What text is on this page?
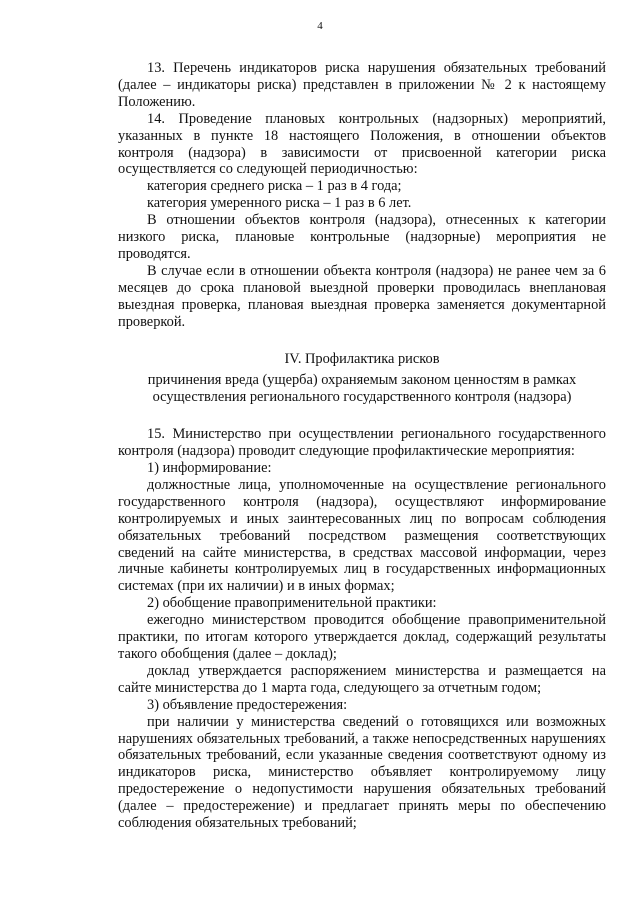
4

13. Перечень индикаторов риска нарушения обязательных требований (далее – индикаторы риска) представлен в приложении № 2 к настоящему Положению.

14. Проведение плановых контрольных (надзорных) мероприятий, указанных в пункте 18 настоящего Положения, в отношении объектов контроля (надзора) в зависимости от присвоенной категории риска осуществляется со следующей периодичностью:

категория среднего риска – 1 раз в 4 года;

категория умеренного риска – 1 раз в 6 лет.

В отношении объектов контроля (надзора), отнесенных к категории низкого риска, плановые контрольные (надзорные) мероприятия не проводятся.

В случае если в отношении объекта контроля (надзора) не ранее чем за 6 месяцев до срока плановой выездной проверки проводилась внеплановая выездная проверка, плановая выездная проверка заменяется документарной проверкой.

IV. Профилактика рисков

причинения вреда (ущерба) охраняемым законом ценностям в рамках осуществления регионального государственного контроля (надзора)

15. Министерство при осуществлении регионального государственного контроля (надзора) проводит следующие профилактические мероприятия:

1) информирование:

должностные лица, уполномоченные на осуществление регионального государственного контроля (надзора), осуществляют информирование контролируемых и иных заинтересованных лиц по вопросам соблюдения обязательных требований посредством размещения соответствующих сведений на сайте министерства, в средствах массовой информации, через личные кабинеты контролируемых лиц в государственных информационных системах (при их наличии) и в иных формах;

2) обобщение правоприменительной практики:

ежегодно министерством проводится обобщение правоприменительной практики, по итогам которого утверждается доклад, содержащий результаты такого обобщения (далее – доклад);

доклад утверждается распоряжением министерства и размещается на сайте министерства до 1 марта года, следующего за отчетным годом;

3) объявление предостережения:

при наличии у министерства сведений о готовящихся или возможных нарушениях обязательных требований, а также непосредственных нарушениях обязательных требований, если указанные сведения соответствуют одному из индикаторов риска, министерство объявляет контролируемому лицу предостережение о недопустимости нарушения обязательных требований (далее – предостережение) и предлагает принять меры по обеспечению соблюдения обязательных требований;
